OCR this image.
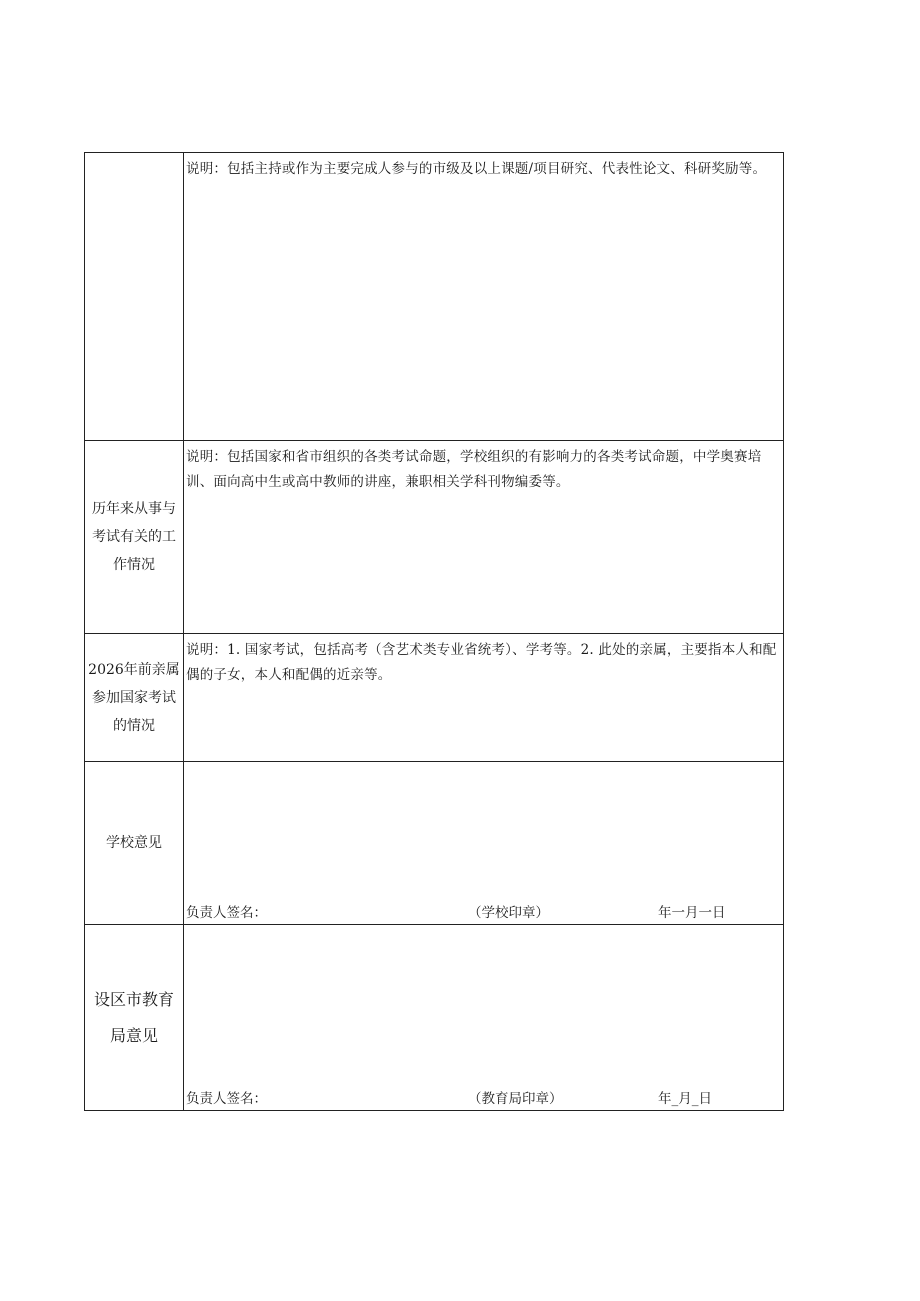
	说明：包括主持或作为主要完成人参与的市级及以上课题/项目研究、代表性论文、科研奖励等。

历年来从事与考试有关的工作情况	说明：包括国家和省市组织的各类考试命题，学校组织的有影响力的各类考试命题，中学奥赛培训、面向高中生或高中教师的讲座，兼职相关学科刊物编委等。

2026年前亲属参加国家考试的情况	说明：1. 国家考试，包括高考（含艺术类专业省统考）、学考等。2. 此处的亲属，主要指本人和配偶的子女，本人和配偶的近亲等。

学校意见	负责人签名： （学校印章） 年一月一日

设区市教育局意见	负责人签名： （教育局印章） 年_月_日
